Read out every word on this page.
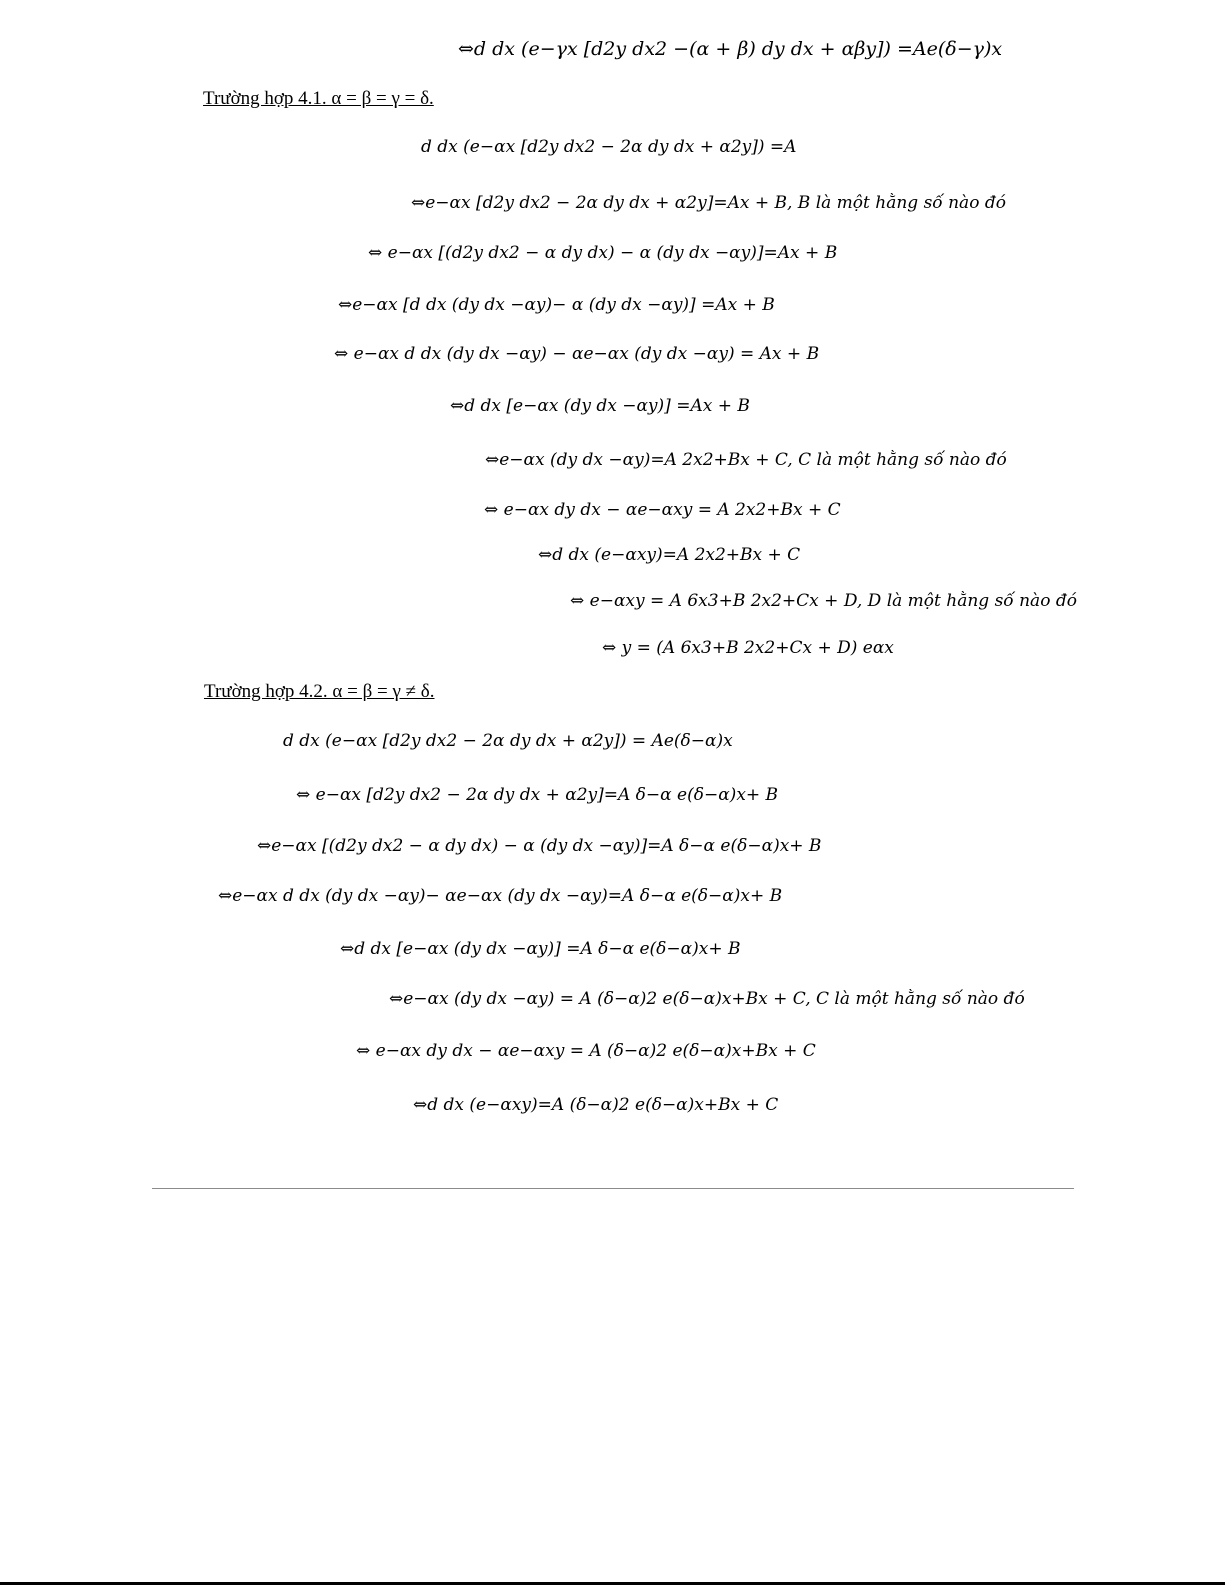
⇔d dx (e−γx [d2y dx2 −(α + β) dy dx + αβy]) =Ae(δ−γ)x
Trường hợp 4.1. α = β = γ = δ.
d dx (e−αx [d2y dx2 − 2α dy dx + α2y]) =A
⇔e−αx [d2y dx2 − 2α dy dx + α2y]=Ax + B, B là một hằng số nào đó
⇔ e−αx [(d2y dx2 − α dy dx) − α (dy dx −αy)]=Ax + B
⇔e−αx [d dx (dy dx −αy)− α (dy dx −αy)] =Ax + B
⇔ e−αx d dx (dy dx −αy) − αe−αx (dy dx −αy) = Ax + B
⇔d dx [e−αx (dy dx −αy)] =Ax + B
⇔e−αx (dy dx −αy)=A 2x2+Bx + C, C là một hằng số nào đó
⇔ e−αx dy dx − αe−αxy = A 2x2+Bx + C
⇔d dx (e−αxy)=A 2x2+Bx + C
⇔ e−αxy = A 6x3+B 2x2+Cx + D, D là một hằng số nào đó
⇔ y = (A 6x3+B 2x2+Cx + D) eαx
Trường hợp 4.2. α = β = γ ≠ δ.
d dx (e−αx [d2y dx2 − 2α dy dx + α2y]) = Ae(δ−α)x
⇔ e−αx [d2y dx2 − 2α dy dx + α2y]=A δ−α e(δ−α)x+ B
⇔e−αx [(d2y dx2 − α dy dx) − α (dy dx −αy)]=A δ−α e(δ−α)x+ B
⇔e−αx d dx (dy dx −αy)− αe−αx (dy dx −αy)=A δ−α e(δ−α)x+ B
⇔d dx [e−αx (dy dx −αy)] =A δ−α e(δ−α)x+ B
⇔e−αx (dy dx −αy) = A (δ−α)2 e(δ−α)x+Bx + C, C là một hằng số nào đó
⇔ e−αx dy dx − αe−αxy = A (δ−α)2 e(δ−α)x+Bx + C
⇔d dx (e−αxy)=A (δ−α)2 e(δ−α)x+Bx + C
